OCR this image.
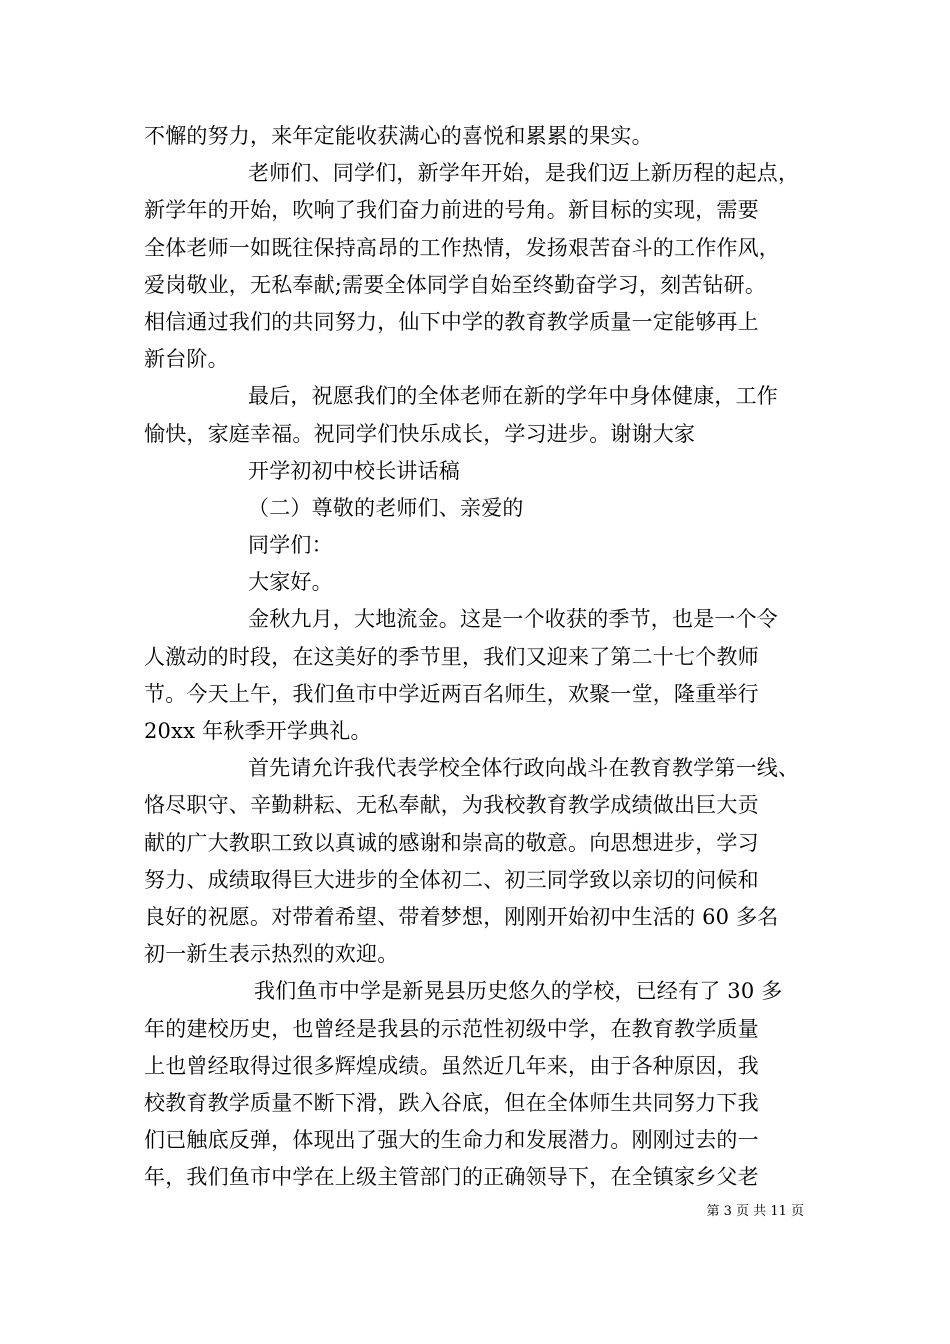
不懈的努力，来年定能收获满心的喜悦和累累的果实。
老师们、同学们，新学年开始，是我们迈上新历程的起点，
新学年的开始，吹响了我们奋力前进的号角。新目标的实现，需要
全体老师一如既往保持高昂的工作热情，发扬艰苦奋斗的工作作风，
爱岗敬业，无私奉献;需要全体同学自始至终勤奋学习，刻苦钻研。
相信通过我们的共同努力，仙下中学的教育教学质量一定能够再上
新台阶。
最后，祝愿我们的全体老师在新的学年中身体健康，工作
愉快，家庭幸福。祝同学们快乐成长，学习进步。谢谢大家
开学初初中校长讲话稿
（二）尊敬的老师们、亲爱的
同学们：
大家好。
金秋九月，大地流金。这是一个收获的季节，也是一个令
人激动的时段，在这美好的季节里，我们又迎来了第二十七个教师
节。今天上午，我们鱼市中学近两百名师生，欢聚一堂，隆重举行
20xx 年秋季开学典礼。
首先请允许我代表学校全体行政向战斗在教育教学第一线、
恪尽职守、辛勤耕耘、无私奉献，为我校教育教学成绩做出巨大贡
献的广大教职工致以真诚的感谢和崇高的敬意。向思想进步，学习
努力、成绩取得巨大进步的全体初二、初三同学致以亲切的问候和
良好的祝愿。对带着希望、带着梦想，刚刚开始初中生活的 60 多名
初一新生表示热烈的欢迎。
我们鱼市中学是新晃县历史悠久的学校，已经有了 30 多
年的建校历史，也曾经是我县的示范性初级中学，在教育教学质量
上也曾经取得过很多辉煌成绩。虽然近几年来，由于各种原因，我
校教育教学质量不断下滑，跌入谷底，但在全体师生共同努力下我
们已触底反弹，体现出了强大的生命力和发展潜力。刚刚过去的一
年，我们鱼市中学在上级主管部门的正确领导下，在全镇家乡父老
第 3 页 共 11 页
